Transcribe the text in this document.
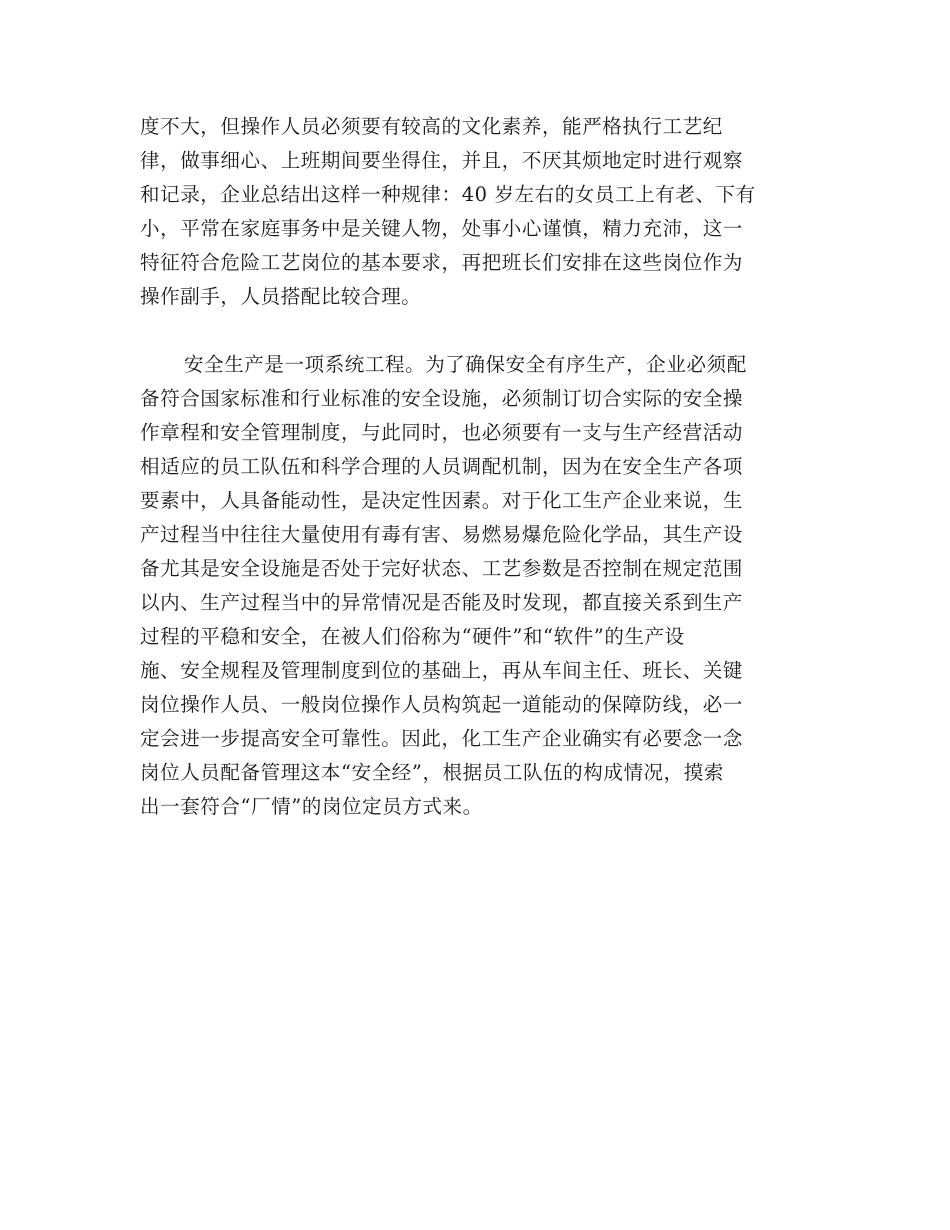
度不大，但操作人员必须要有较高的文化素养，能严格执行工艺纪
律，做事细心、上班期间要坐得住，并且，不厌其烦地定时进行观察
和记录，企业总结出这样一种规律：40 岁左右的女员工上有老、下有
小，平常在家庭事务中是关键人物，处事小心谨慎，精力充沛，这一
特征符合危险工艺岗位的基本要求，再把班长们安排在这些岗位作为
操作副手，人员搭配比较合理。
安全生产是一项系统工程。为了确保安全有序生产，企业必须配
备符合国家标准和行业标准的安全设施，必须制订切合实际的安全操
作章程和安全管理制度，与此同时，也必须要有一支与生产经营活动
相适应的员工队伍和科学合理的人员调配机制，因为在安全生产各项
要素中，人具备能动性，是决定性因素。对于化工生产企业来说，生
产过程当中往往大量使用有毒有害、易燃易爆危险化学品，其生产设
备尤其是安全设施是否处于完好状态、工艺参数是否控制在规定范围
以内、生产过程当中的异常情况是否能及时发现，都直接关系到生产
过程的平稳和安全，在被人们俗称为“硬件”和“软件”的生产设
施、安全规程及管理制度到位的基础上，再从车间主任、班长、关键
岗位操作人员、一般岗位操作人员构筑起一道能动的保障防线，必一
定会进一步提高安全可靠性。因此，化工生产企业确实有必要念一念
岗位人员配备管理这本“安全经”，根据员工队伍的构成情况，摸索
出一套符合“厂情”的岗位定员方式来。
